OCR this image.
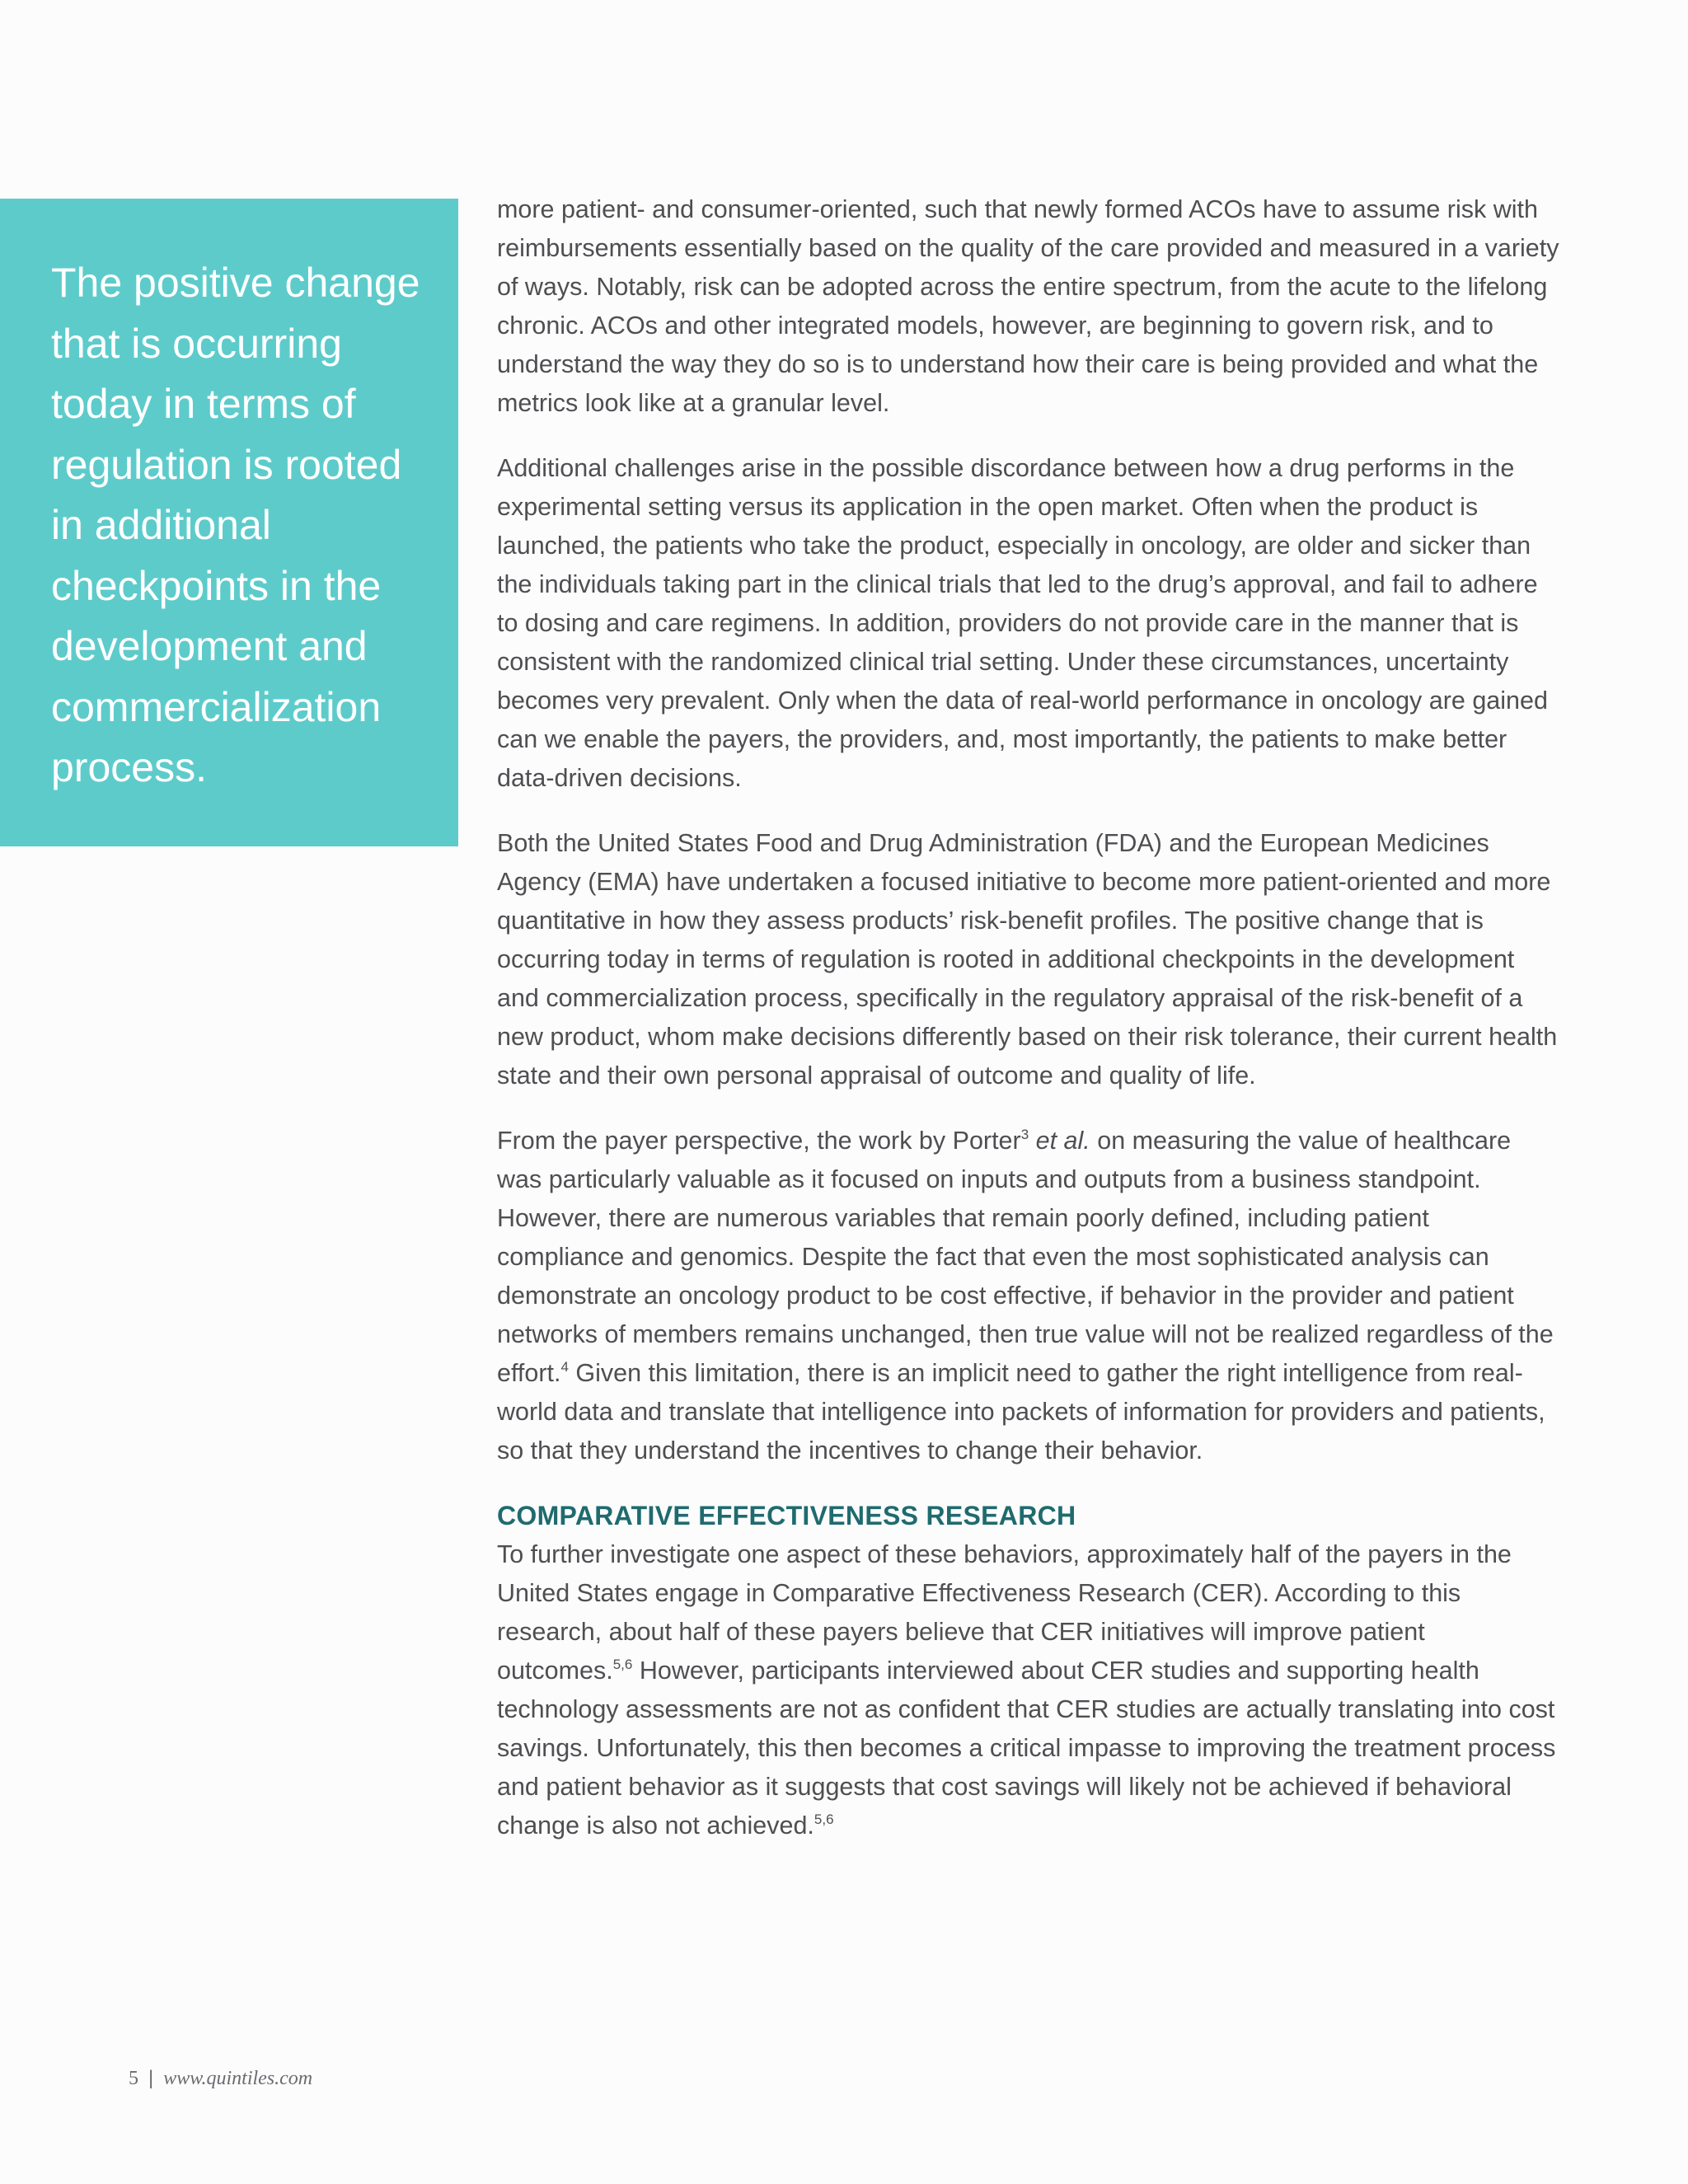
The positive change that is occurring today in terms of regulation is rooted in additional checkpoints in the development and commercialization process.

more patient- and consumer-oriented, such that newly formed ACOs have to assume risk with reimbursements essentially based on the quality of the care provided and measured in a variety of ways. Notably, risk can be adopted across the entire spectrum, from the acute to the lifelong chronic. ACOs and other integrated models, however, are beginning to govern risk, and to understand the way they do so is to understand how their care is being provided and what the metrics look like at a granular level.

Additional challenges arise in the possible discordance between how a drug performs in the experimental setting versus its application in the open market. Often when the product is launched, the patients who take the product, especially in oncology, are older and sicker than the individuals taking part in the clinical trials that led to the drug’s approval, and fail to adhere to dosing and care regimens. In addition, providers do not provide care in the manner that is consistent with the randomized clinical trial setting. Under these circumstances, uncertainty becomes very prevalent. Only when the data of real-world performance in oncology are gained can we enable the payers, the providers, and, most importantly, the patients to make better data-driven decisions.

Both the United States Food and Drug Administration (FDA) and the European Medicines Agency (EMA) have undertaken a focused initiative to become more patient-oriented and more quantitative in how they assess products’ risk-benefit profiles. The positive change that is occurring today in terms of regulation is rooted in additional checkpoints in the development and commercialization process, specifically in the regulatory appraisal of the risk-benefit of a new product, whom make decisions differently based on their risk tolerance, their current health state and their own personal appraisal of outcome and quality of life.

From the payer perspective, the work by Porter$^3$ et al. on measuring the value of healthcare was particularly valuable as it focused on inputs and outputs from a business standpoint. However, there are numerous variables that remain poorly defined, including patient compliance and genomics. Despite the fact that even the most sophisticated analysis can demonstrate an oncology product to be cost effective, if behavior in the provider and patient networks of members remains unchanged, then true value will not be realized regardless of the effort.$^4$ Given this limitation, there is an implicit need to gather the right intelligence from real-world data and translate that intelligence into packets of information for providers and patients, so that they understand the incentives to change their behavior.

COMPARATIVE EFFECTIVENESS RESEARCH

To further investigate one aspect of these behaviors, approximately half of the payers in the United States engage in Comparative Effectiveness Research (CER). According to this research, about half of these payers believe that CER initiatives will improve patient outcomes.$^{5,6}$ However, participants interviewed about CER studies and supporting health technology assessments are not as confident that CER studies are actually translating into cost savings. Unfortunately, this then becomes a critical impasse to improving the treatment process and patient behavior as it suggests that cost savings will likely not be achieved if behavioral change is also not achieved.$^{5,6}$

5 | www.quintiles.com
